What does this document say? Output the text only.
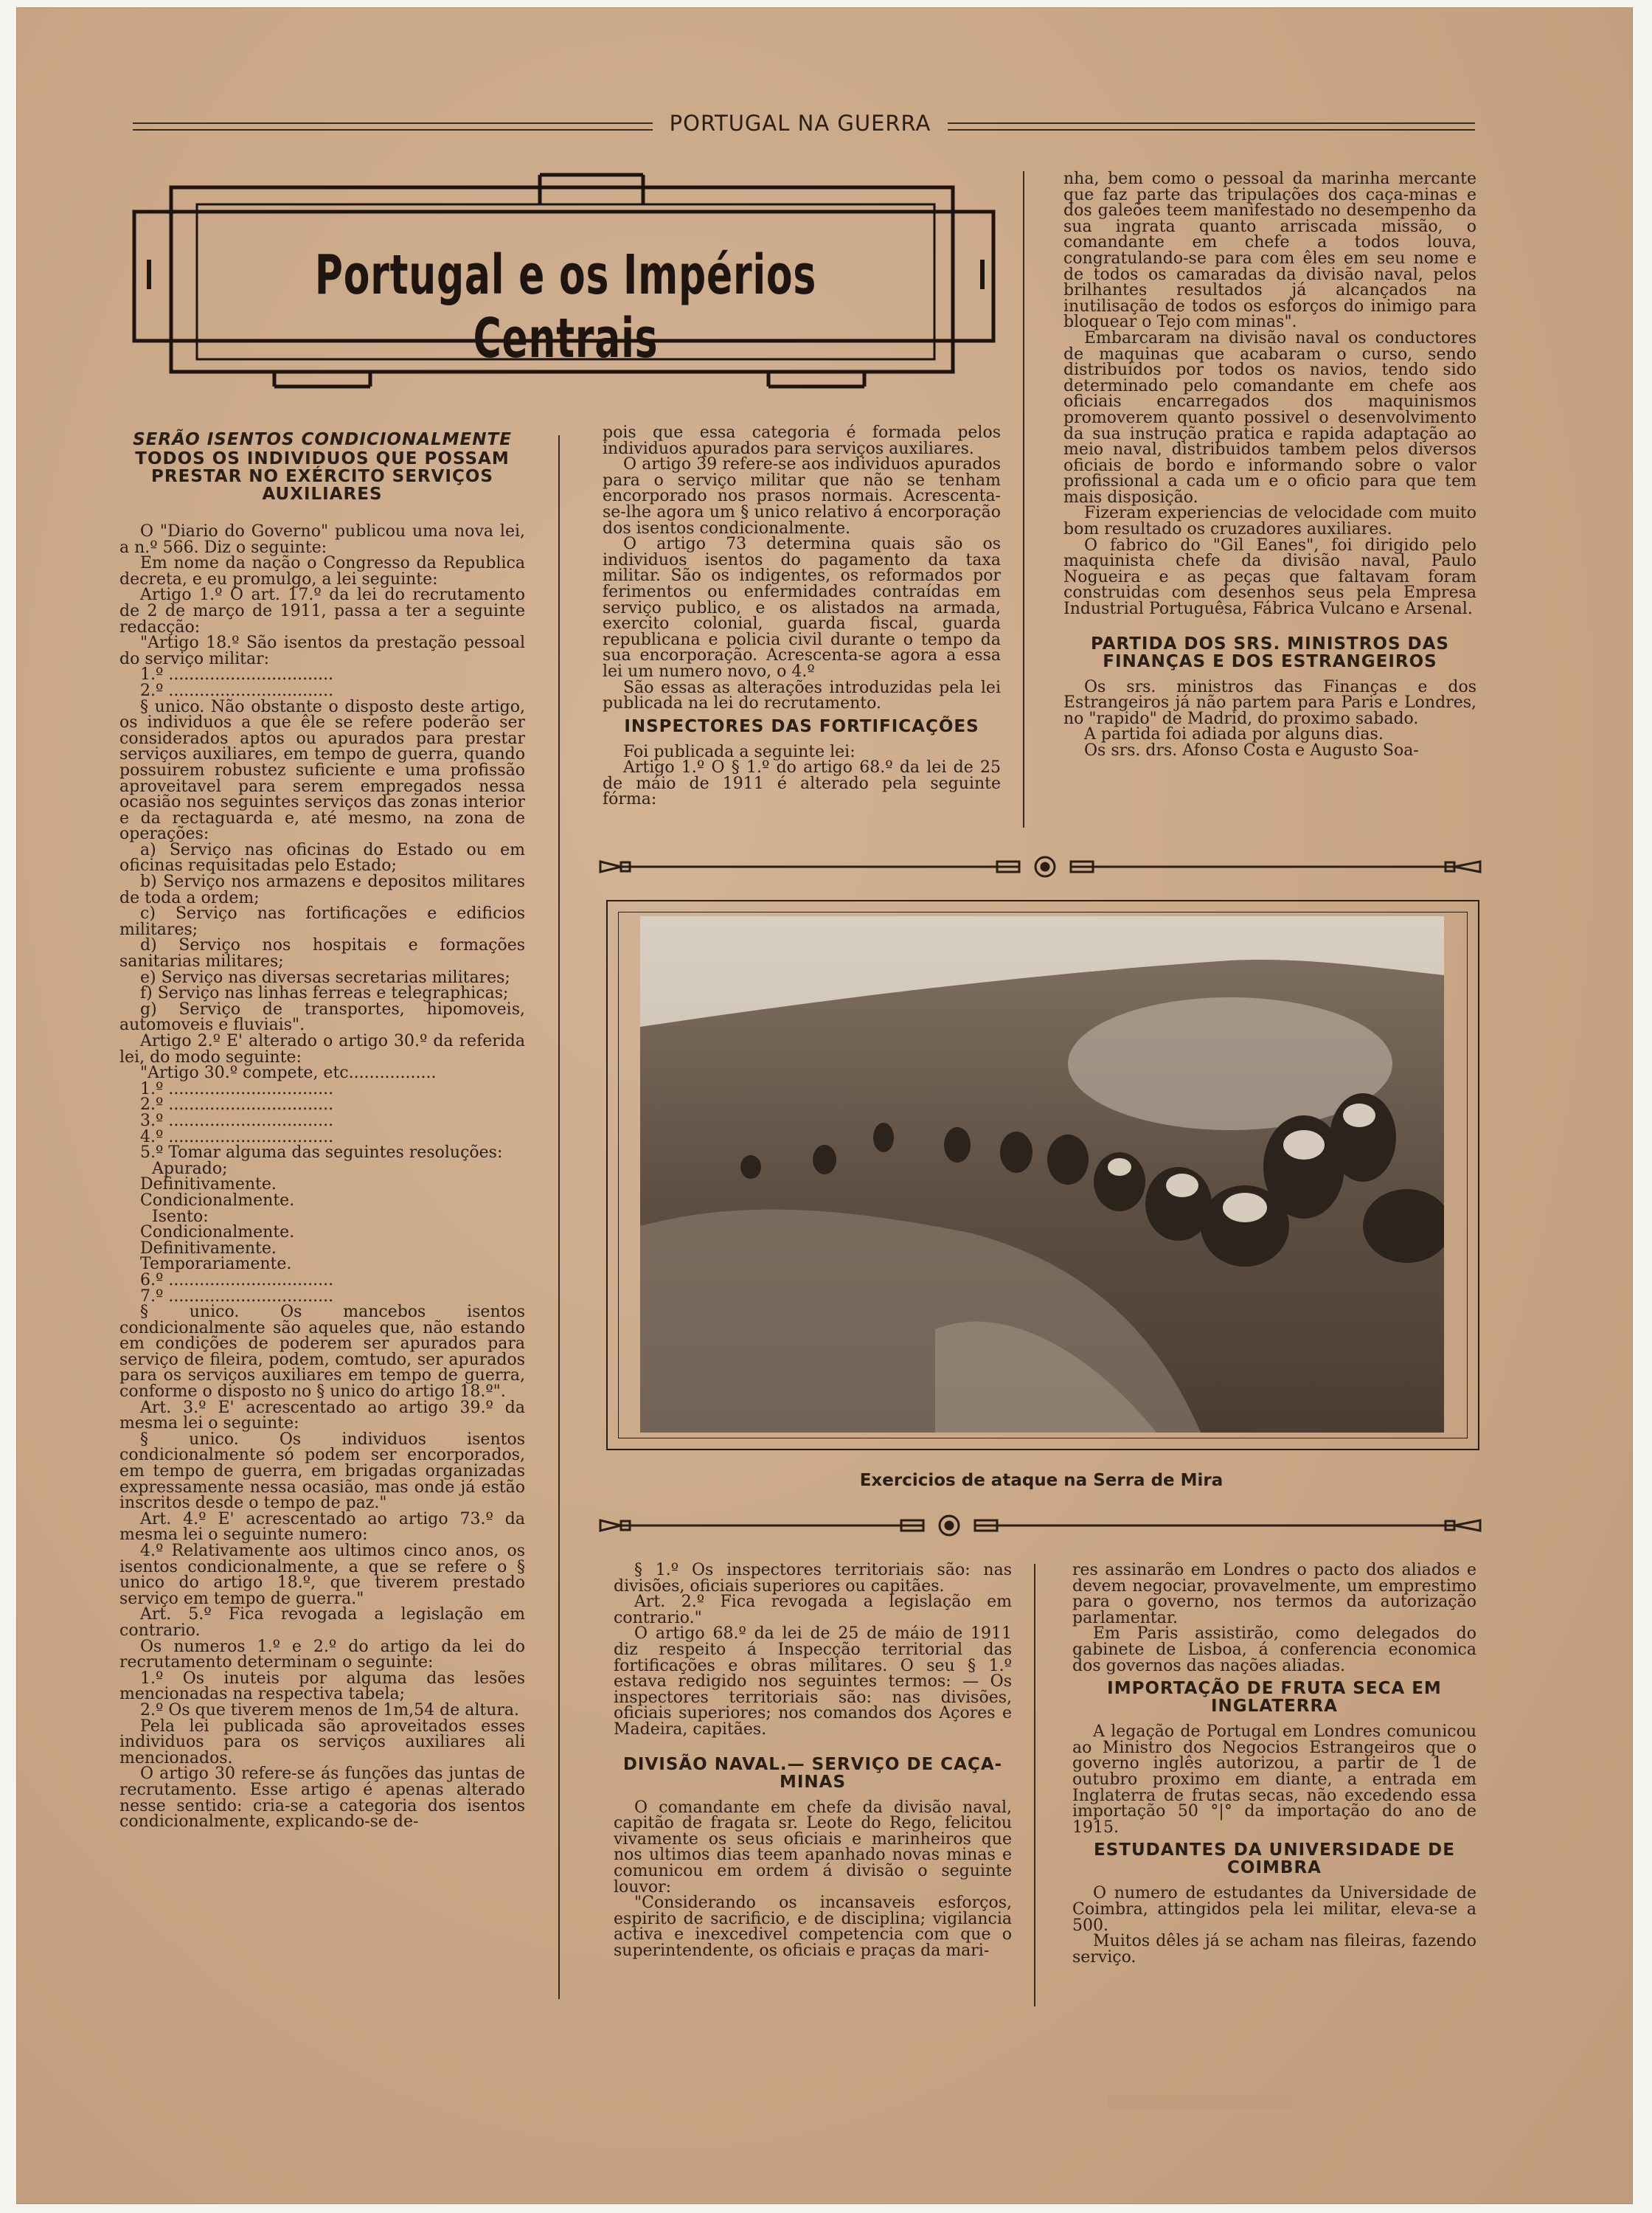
PORTUGAL NA GUERRA
Portugal e os Impérios Centrais
SERÃO ISENTOS CONDICIONALMENTE
TODOS OS INDIVIDUOS QUE POSSAM PRESTAR NO EXÉRCITO SERVIÇOS AUXILIARES

O "Diario do Governo" publicou uma nova lei, a n.º 566. Diz o seguinte:

Em nome da nação o Congresso da Republica decreta, e eu promulgo, a lei seguinte:

Artigo 1.º O art. 17.º da lei do recrutamento de 2 de março de 1911, passa a ter a seguinte redacção:

"Artigo 18.º São isentos da prestação pessoal do serviço militar:

1.º ................................

2.º ................................

§ unico. Não obstante o disposto deste artigo, os individuos a que êle se refere poderão ser considerados aptos ou apurados para prestar serviços auxiliares, em tempo de guerra, quando possuirem robustez suficiente e uma profissão aproveitavel para serem empregados nessa ocasião nos seguintes serviços das zonas interior e da rectaguarda e, até mesmo, na zona de operações:

a) Serviço nas oficinas do Estado ou em oficinas requisitadas pelo Estado;

b) Serviço nos armazens e depositos militares de toda a ordem;

c) Serviço nas fortificações e edificios militares;

d) Serviço nos hospitais e formações sanitarias militares;

e) Serviço nas diversas secretarias militares;

f) Serviço nas linhas ferreas e telegraphicas;

g) Serviço de transportes, hipomoveis, automoveis e fluviais".

Artigo 2.º E' alterado o artigo 30.º da referida lei, do modo seguinte:

"Artigo 30.º compete, etc.................

1.º ................................

2.º ................................

3.º ................................

4.º ................................

5.º Tomar alguma das seguintes resoluções:

Apurado;

Definitivamente.

Condicionalmente.

Isento:

Condicionalmente.

Definitivamente.

Temporariamente.

6.º ................................

7.º ................................

§ unico. Os mancebos isentos condicionalmente são aqueles que, não estando em condições de poderem ser apurados para serviço de fileira, podem, comtudo, ser apurados para os serviços auxiliares em tempo de guerra, conforme o disposto no § unico do artigo 18.º".

Art. 3.º E' acrescentado ao artigo 39.º da mesma lei o seguinte:

§ unico. Os individuos isentos condicionalmente só podem ser encorporados, em tempo de guerra, em brigadas organizadas expressamente nessa ocasião, mas onde já estão inscritos desde o tempo de paz."

Art. 4.º E' acrescentado ao artigo 73.º da mesma lei o seguinte numero:

4.º Relativamente aos ultimos cinco anos, os isentos condicionalmente, a que se refere o § unico do artigo 18.º, que tiverem prestado serviço em tempo de guerra."

Art. 5.º Fica revogada a legislação em contrario.

Os numeros 1.º e 2.º do artigo da lei do recrutamento determinam o seguinte:

1.º Os inuteis por alguma das lesões mencionadas na respectiva tabela;

2.º Os que tiverem menos de 1m,54 de altura.

Pela lei publicada são aproveitados esses individuos para os serviços auxiliares ali mencionados.

O artigo 30 refere-se ás funções das juntas de recrutamento. Esse artigo é apenas alterado nesse sentido: cria-se a categoria dos isentos condicionalmente, explicando-se de-

pois que essa categoria é formada pelos individuos apurados para serviços auxiliares.

O artigo 39 refere-se aos individuos apurados para o serviço militar que não se tenham encorporado nos prasos normais. Acrescenta-se-lhe agora um § unico relativo á encorporação dos isentos condicionalmente.

O artigo 73 determina quais são os individuos isentos do pagamento da taxa militar. São os indigentes, os reformados por ferimentos ou enfermidades contraídas em serviço publico, e os alistados na armada, exercito colonial, guarda fiscal, guarda republicana e policia civil durante o tempo da sua encorporação. Acrescenta-se agora a essa lei um numero novo, o 4.º

São essas as alterações introduzidas pela lei publicada na lei do recrutamento.

INSPECTORES DAS FORTIFICAÇÕES

Foi publicada a seguinte lei:

Artigo 1.º O § 1.º do artigo 68.º da lei de 25 de máio de 1911 é alterado pela seguinte fórma:

nha, bem como o pessoal da marinha mercante que faz parte das tripulações dos caça-minas e dos galeões teem manifestado no desempenho da sua ingrata quanto arriscada missão, o comandante em chefe a todos louva, congratulando-se para com êles em seu nome e de todos os camaradas da divisão naval, pelos brilhantes resultados já alcançados na inutilisação de todos os esforços do inimigo para bloquear o Tejo com minas".

Embarcaram na divisão naval os conductores de maquinas que acabaram o curso, sendo distribuidos por todos os navios, tendo sido determinado pelo comandante em chefe aos oficiais encarregados dos maquinismos promoverem quanto possivel o desenvolvimento da sua instrução pratica e rapida adaptação ao meio naval, distribuidos tambem pelos diversos oficiais de bordo e informando sobre o valor profissional a cada um e o oficio para que tem mais disposição.

Fizeram experiencias de velocidade com muito bom resultado os cruzadores auxiliares.

O fabrico do "Gil Eanes", foi dirigido pelo maquinista chefe da divisão naval, Paulo Nogueira e as peças que faltavam foram construidas com desenhos seus pela Empresa Industrial Portuguêsa, Fábrica Vulcano e Arsenal.

PARTIDA DOS SRS. MINISTROS DAS FINANÇAS E DOS ESTRANGEIROS

Os srs. ministros das Finanças e dos Estrangeiros já não partem para Paris e Londres, no "rapido" de Madrid, do proximo sabado.

A partida foi adiada por alguns dias.

Os srs. drs. Afonso Costa e Augusto Soa-

Exercicios de ataque na Serra de Mira

§ 1.º Os inspectores territoriais são: nas divisões, oficiais superiores ou capitães.

Art. 2.º Fica revogada a legislação em contrario."

O artigo 68.º da lei de 25 de máio de 1911 diz respeito á Inspecção territorial das fortificações e obras militares. O seu § 1.º estava redigido nos seguintes termos: — Os inspectores territoriais são: nas divisões, oficiais superiores; nos comandos dos Açores e Madeira, capitães.

DIVISÃO NAVAL.— SERVIÇO DE CAÇA-MINAS

O comandante em chefe da divisão naval, capitão de fragata sr. Leote do Rego, felicitou vivamente os seus oficiais e marinheiros que nos ultimos dias teem apanhado novas minas e comunicou em ordem á divisão o seguinte louvor:

"Considerando os incansaveis esforços, espirito de sacrificio, e de disciplina; vigilancia activa e inexcedivel competencia com que o superintendente, os oficiais e praças da mari-

res assinarão em Londres o pacto dos aliados e devem negociar, provavelmente, um emprestimo para o governo, nos termos da autorização parlamentar.

Em Paris assistirão, como delegados do gabinete de Lisboa, á conferencia economica dos governos das nações aliadas.

IMPORTAÇÃO DE FRUTA SECA EM INGLATERRA

A legação de Portugal em Londres comunicou ao Ministro dos Negocios Estrangeiros que o governo inglês autorizou, a partir de 1 de outubro proximo em diante, a entrada em Inglaterra de frutas secas, não excedendo essa importação 50 °|° da importação do ano de 1915.

ESTUDANTES DA UNIVERSIDADE DE COIMBRA

O numero de estudantes da Universidade de Coimbra, attingidos pela lei militar, eleva-se a 500.

Muitos dêles já se acham nas fileiras, fazendo serviço.
